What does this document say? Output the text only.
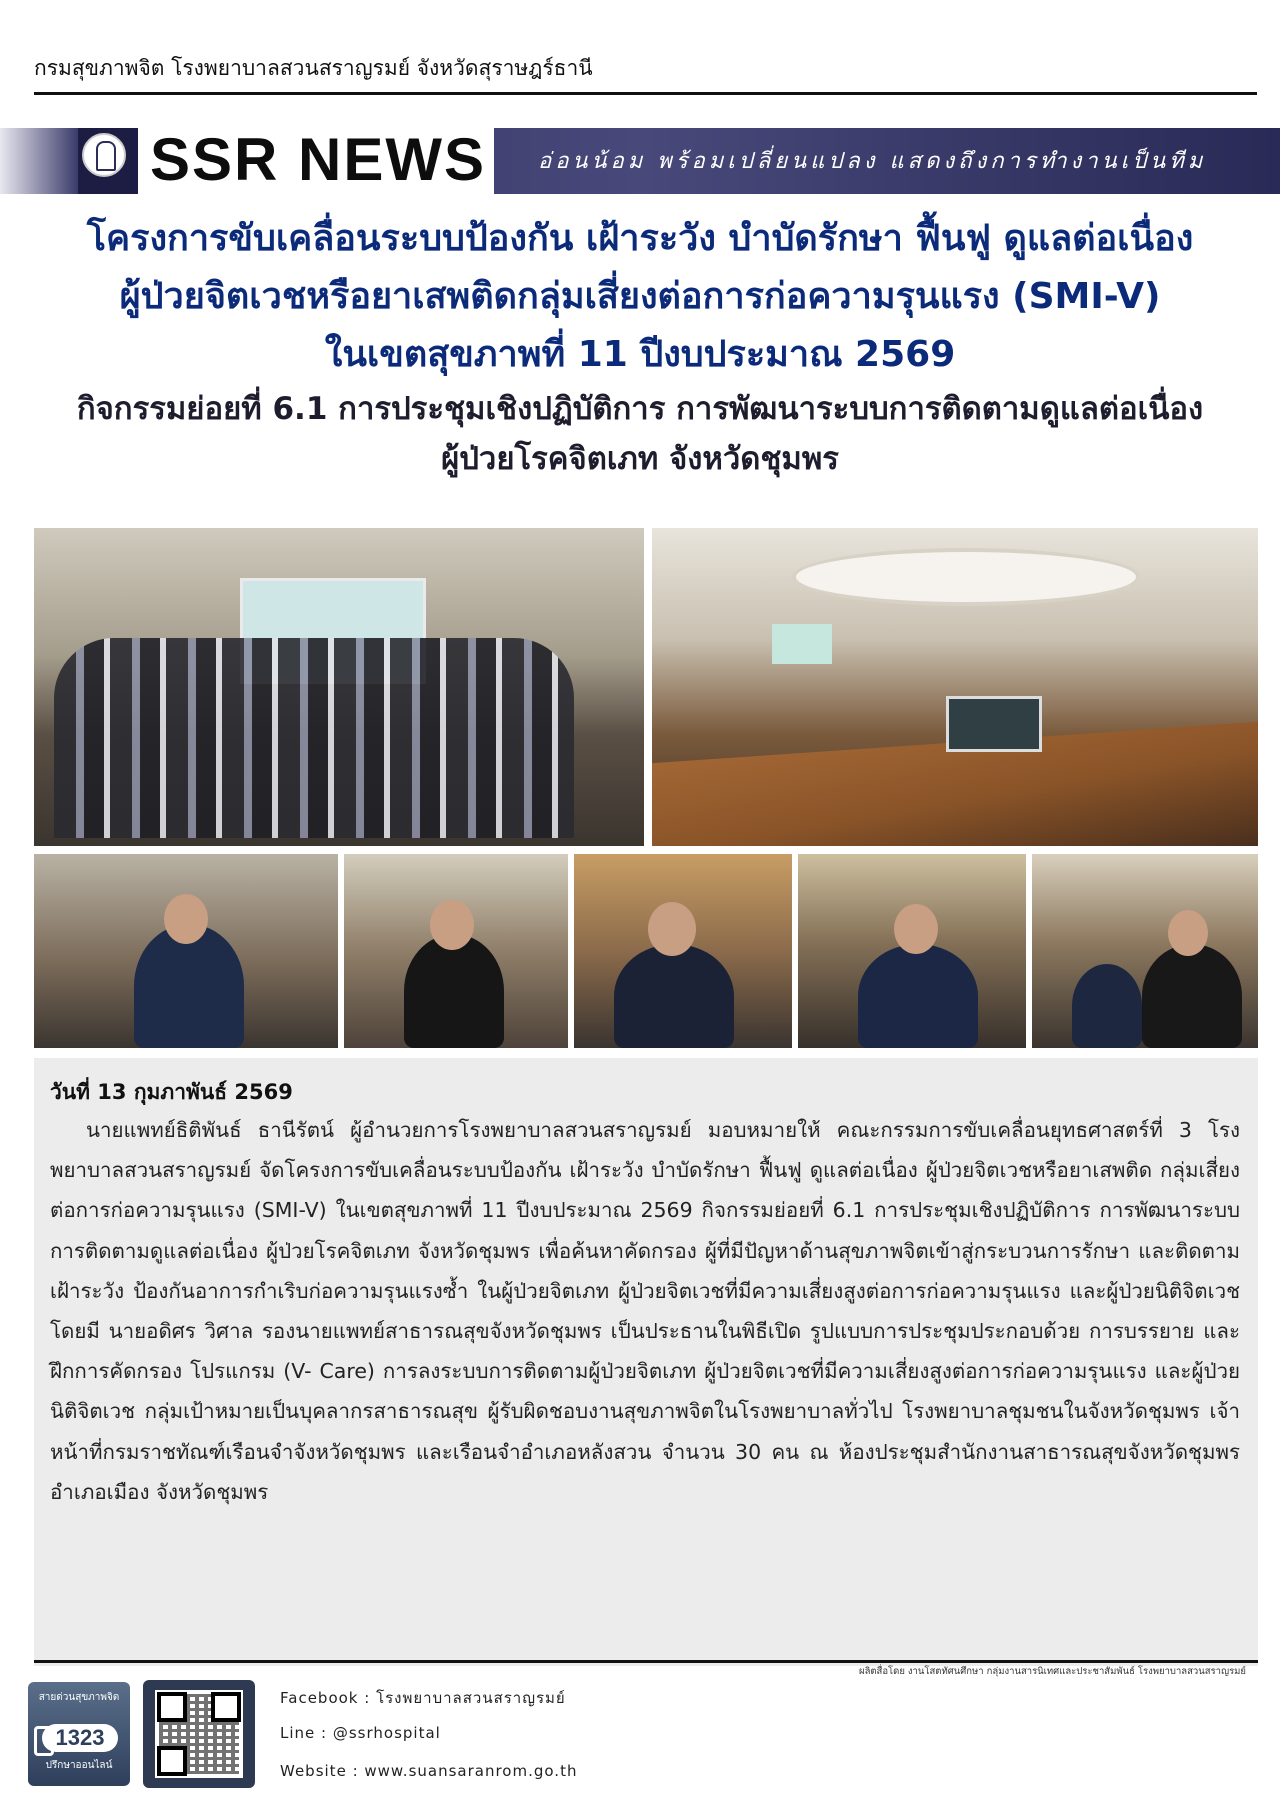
กรมสุขภาพจิต โรงพยาบาลสวนสราญรมย์ จังหวัดสุราษฎร์ธานี
SSR NEWS อ่อนน้อม พร้อมเปลี่ยนแปลง แสดงถึงการทำงานเป็นทีม
โครงการขับเคลื่อนระบบป้องกัน เฝ้าระวัง บำบัดรักษา ฟื้นฟู ดูแลต่อเนื่อง
ผู้ป่วยจิตเวชหรือยาเสพติดกลุ่มเสี่ยงต่อการก่อความรุนแรง (SMI-V)
ในเขตสุขภาพที่ 11 ปีงบประมาณ 2569
กิจกรรมย่อยที่ 6.1 การประชุมเชิงปฏิบัติการ การพัฒนาระบบการติดตามดูแลต่อเนื่อง
ผู้ป่วยโรคจิตเภท จังหวัดชุมพร
วันที่ 13 กุมภาพันธ์ 2569
นายแพทย์ธิติพันธ์ ธานีรัตน์ ผู้อำนวยการโรงพยาบาลสวนสราญรมย์ มอบหมายให้ คณะกรรมการขับเคลื่อนยุทธศาสตร์ที่ 3 โรงพยาบาลสวนสราญรมย์ จัดโครงการขับเคลื่อนระบบป้องกัน เฝ้าระวัง บำบัดรักษา ฟื้นฟู ดูแลต่อเนื่อง ผู้ป่วยจิตเวชหรือยาเสพติด กลุ่มเสี่ยงต่อการก่อความรุนแรง (SMI-V) ในเขตสุขภาพที่ 11 ปีงบประมาณ 2569 กิจกรรมย่อยที่ 6.1 การประชุมเชิงปฏิบัติการ การพัฒนาระบบการติดตามดูแลต่อเนื่อง ผู้ป่วยโรคจิตเภท จังหวัดชุมพร เพื่อค้นหาคัดกรอง ผู้ที่มีปัญหาด้านสุขภาพจิตเข้าสู่กระบวนการรักษา และติดตามเฝ้าระวัง ป้องกันอาการกำเริบก่อความรุนแรงซ้ำ ในผู้ป่วยจิตเภท ผู้ป่วยจิตเวชที่มีความเสี่ยงสูงต่อการก่อความรุนแรง และผู้ป่วยนิติจิตเวช โดยมี นายอดิศร วิศาล รองนายแพทย์สาธารณสุขจังหวัดชุมพร เป็นประธานในพิธีเปิด รูปแบบการประชุมประกอบด้วย การบรรยาย และฝึกการคัดกรอง โปรแกรม (V- Care) การลงระบบการติดตามผู้ป่วยจิตเภท ผู้ป่วยจิตเวชที่มีความเสี่ยงสูงต่อการก่อความรุนแรง และผู้ป่วยนิติจิตเวช กลุ่มเป้าหมายเป็นบุคลากรสาธารณสุข ผู้รับผิดชอบงานสุขภาพจิตในโรงพยาบาลทั่วไป โรงพยาบาลชุมชนในจังหวัดชุมพร เจ้าหน้าที่กรมราชทัณฑ์เรือนจำจังหวัดชุมพร และเรือนจำอำเภอหลังสวน จำนวน 30 คน ณ ห้องประชุมสำนักงานสาธารณสุขจังหวัดชุมพร อำเภอเมือง จังหวัดชุมพร
ผลิตสื่อโดย งานโสตทัศนศึกษา กลุ่มงานสารนิเทศและประชาสัมพันธ์ โรงพยาบาลสวนสราญรมย์
สายด่วนสุขภาพจิต
1323
ปรึกษาออนไลน์
Facebook : โรงพยาบาลสวนสราญรมย์
Line : @ssrhospital
Website : www.suansaranrom.go.th
